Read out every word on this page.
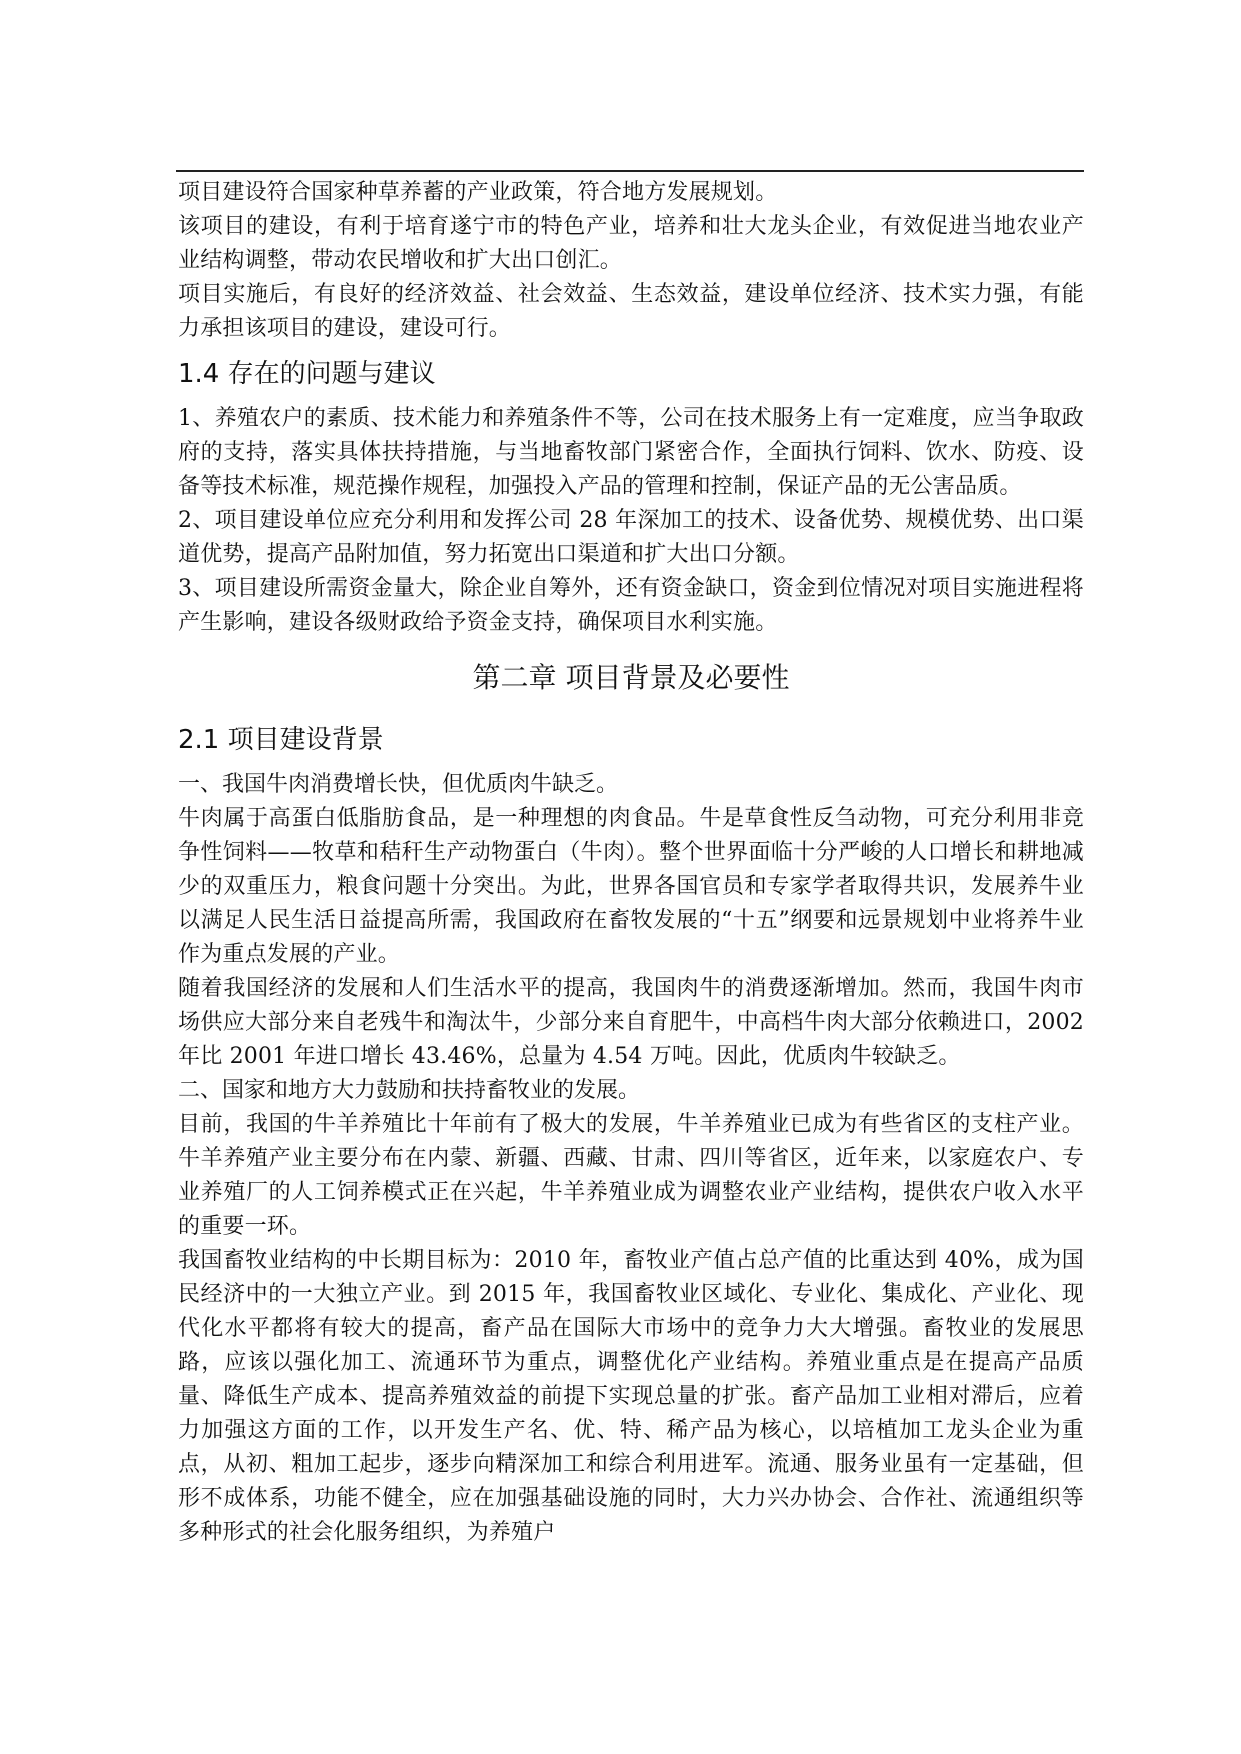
项目建设符合国家种草养蓄的产业政策，符合地方发展规划。

该项目的建设，有利于培育遂宁市的特色产业，培养和壮大龙头企业，有效促进当地农业产业结构调整，带动农民增收和扩大出口创汇。

项目实施后，有良好的经济效益、社会效益、生态效益，建设单位经济、技术实力强，有能力承担该项目的建设，建设可行。

1.4 存在的问题与建议

1、养殖农户的素质、技术能力和养殖条件不等，公司在技术服务上有一定难度，应当争取政府的支持，落实具体扶持措施，与当地畜牧部门紧密合作，全面执行饲料、饮水、防疫、设备等技术标准，规范操作规程，加强投入产品的管理和控制，保证产品的无公害品质。

2、项目建设单位应充分利用和发挥公司 28 年深加工的技术、设备优势、规模优势、出口渠道优势，提高产品附加值，努力拓宽出口渠道和扩大出口分额。

3、项目建设所需资金量大，除企业自筹外，还有资金缺口，资金到位情况对项目实施进程将产生影响，建设各级财政给予资金支持，确保项目水利实施。

第二章 项目背景及必要性
2.1 项目建设背景
一、我国牛肉消费增长快，但优质肉牛缺乏。

牛肉属于高蛋白低脂肪食品，是一种理想的肉食品。牛是草食性反刍动物，可充分利用非竞争性饲料——牧草和秸秆生产动物蛋白（牛肉）。整个世界面临十分严峻的人口增长和耕地减少的双重压力，粮食问题十分突出。为此，世界各国官员和专家学者取得共识，发展养牛业以满足人民生活日益提高所需，我国政府在畜牧发展的“十五”纲要和远景规划中业将养牛业作为重点发展的产业。

随着我国经济的发展和人们生活水平的提高，我国肉牛的消费逐渐增加。然而，我国牛肉市场供应大部分来自老残牛和淘汰牛，少部分来自育肥牛，中高档牛肉大部分依赖进口，2002 年比 2001 年进口增长 43.46%，总量为 4.54 万吨。因此，优质肉牛较缺乏。

二、国家和地方大力鼓励和扶持畜牧业的发展。

目前，我国的牛羊养殖比十年前有了极大的发展，牛羊养殖业已成为有些省区的支柱产业。牛羊养殖产业主要分布在内蒙、新疆、西藏、甘肃、四川等省区，近年来，以家庭农户、专业养殖厂的人工饲养模式正在兴起，牛羊养殖业成为调整农业产业结构，提供农户收入水平的重要一环。

我国畜牧业结构的中长期目标为：2010 年，畜牧业产值占总产值的比重达到 40%，成为国民经济中的一大独立产业。到 2015 年，我国畜牧业区域化、专业化、集成化、产业化、现代化水平都将有较大的提高，畜产品在国际大市场中的竞争力大大增强。畜牧业的发展思路，应该以强化加工、流通环节为重点，调整优化产业结构。养殖业重点是在提高产品质量、降低生产成本、提高养殖效益的前提下实现总量的扩张。畜产品加工业相对滞后，应着力加强这方面的工作，以开发生产名、优、特、稀产品为核心，以培植加工龙头企业为重点，从初、粗加工起步，逐步向精深加工和综合利用进军。流通、服务业虽有一定基础，但形不成体系，功能不健全，应在加强基础设施的同时，大力兴办协会、合作社、流通组织等多种形式的社会化服务组织，为养殖户
